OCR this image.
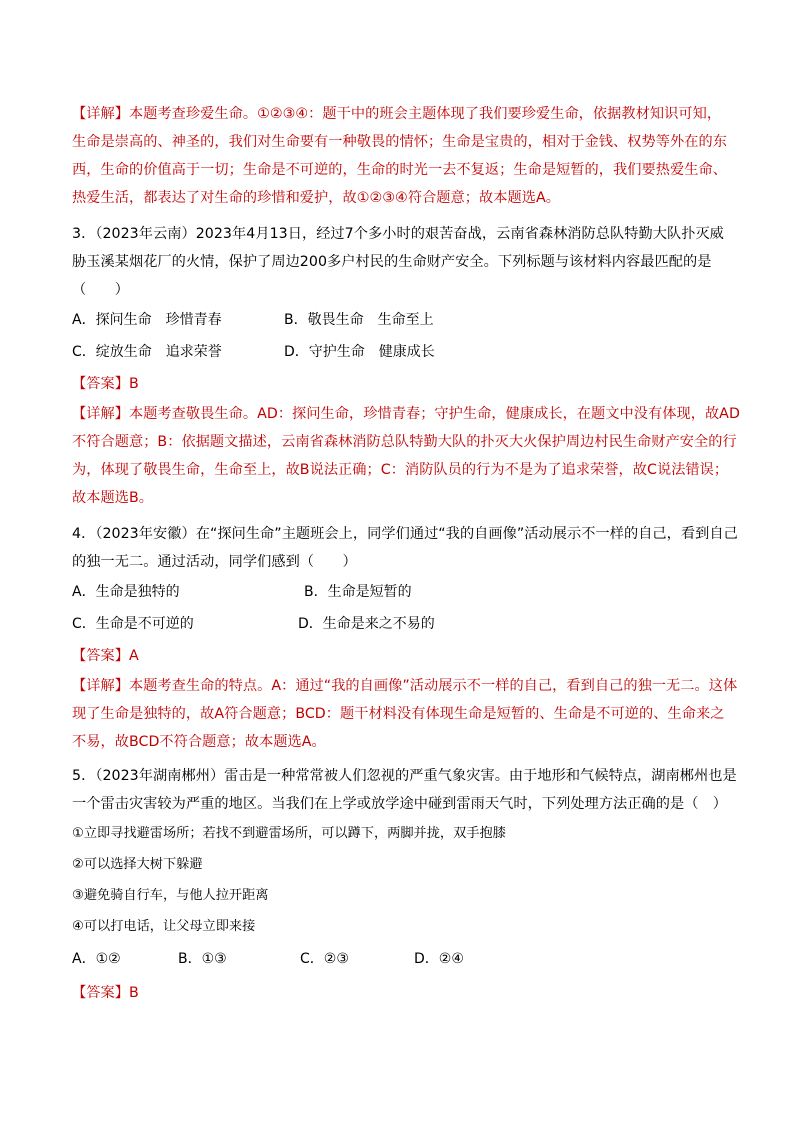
【详解】本题考查珍爱生命。①②③④：题干中的班会主题体现了我们要珍爱生命，依据教材知识可知，
生命是崇高的、神圣的，我们对生命要有一种敬畏的情怀；生命是宝贵的，相对于金钱、权势等外在的东
西，生命的价值高于一切；生命是不可逆的，生命的时光一去不复返；生命是短暂的，我们要热爱生命、
热爱生活，都表达了对生命的珍惜和爱护，故①②③④符合题意；故本题选A。
3．（2023年云南）2023年4月13日，经过7个多小时的艰苦奋战，云南省森林消防总队特勤大队扑灭威
胁玉溪某烟花厂的火情，保护了周边200多户村民的生命财产安全。下列标题与该材料内容最匹配的是
（　　）
A．探问生命　珍惜青春	B．敬畏生命　生命至上
C．绽放生命　追求荣誉	D．守护生命　健康成长
【答案】B
【详解】本题考查敬畏生命。AD：探问生命，珍惜青春；守护生命，健康成长，在题文中没有体现，故AD
不符合题意；B：依据题文描述，云南省森林消防总队特勤大队的扑灭大火保护周边村民生命财产安全的行
为，体现了敬畏生命，生命至上，故B说法正确；C：消防队员的行为不是为了追求荣誉，故C说法错误；
故本题选B。
4．（2023年安徽）在“探问生命”主题班会上，同学们通过“我的自画像”活动展示不一样的自己，看到自己
的独一无二。通过活动，同学们感到（　　）
A．生命是独特的	B．生命是短暂的
C．生命是不可逆的	D．生命是来之不易的
【答案】A
【详解】本题考查生命的特点。A：通过“我的自画像”活动展示不一样的自己，看到自己的独一无二。这体
现了生命是独特的，故A符合题意；BCD：题干材料没有体现生命是短暂的、生命是不可逆的、生命来之
不易，故BCD不符合题意；故本题选A。
5．（2023年湖南郴州）雷击是一种常常被人们忽视的严重气象灾害。由于地形和气候特点，湖南郴州也是
一个雷击灾害较为严重的地区。当我们在上学或放学途中碰到雷雨天气时，下列处理方法正确的是（　）
①立即寻找避雷场所；若找不到避雷场所，可以蹲下，两脚并拢，双手抱膝
②可以选择大树下躲避
③避免骑自行车，与他人拉开距离
④可以打电话，让父母立即来接
A．①②	B．①③	C．②③	D．②④
【答案】B
